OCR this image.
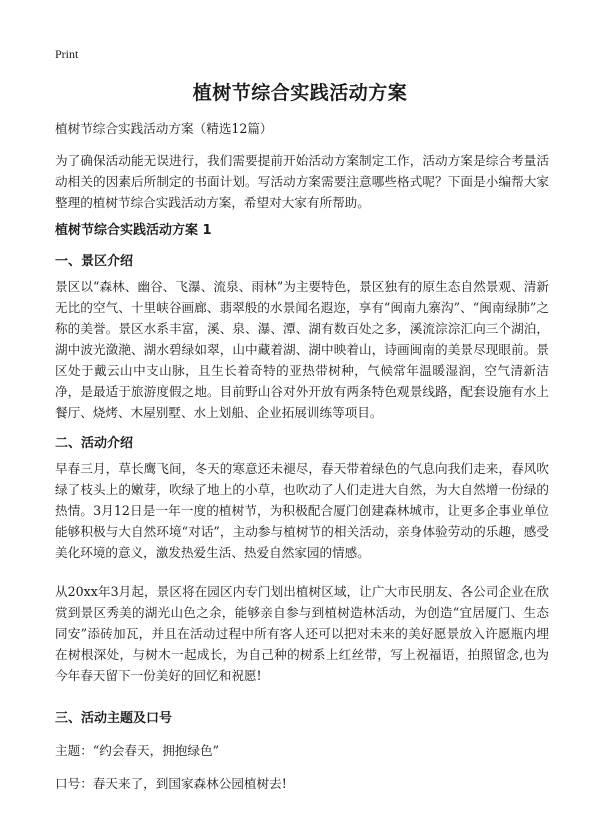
Print
植树节综合实践活动方案

植树节综合实践活动方案（精选12篇）

为了确保活动能无误进行，我们需要提前开始活动方案制定工作，活动方案是综合考量活动相关的因素后所制定的书面计划。写活动方案需要注意哪些格式呢？下面是小编帮大家整理的植树节综合实践活动方案，希望对大家有所帮助。

植树节综合实践活动方案 1

一、景区介绍

景区以“森林、幽谷、飞瀑、流泉、雨林”为主要特色，景区独有的原生态自然景观、清新无比的空气、十里峡谷画廊、翡翠般的水景闻名遐迩，享有“闽南九寨沟”、“闽南绿肺”之称的美誉。景区水系丰富，溪、泉、瀑、潭、湖有数百处之多，溪流淙淙汇向三个湖泊，湖中波光潋滟、湖水碧绿如翠，山中藏着湖、湖中映着山，诗画闽南的美景尽现眼前。景区处于戴云山中支山脉，且生长着奇特的亚热带树种，气候常年温暖湿润，空气清新洁净，是最适于旅游度假之地。目前野山谷对外开放有两条特色观景线路，配套设施有水上餐厅、烧烤、木屋别墅、水上划船、企业拓展训练等项目。

二、活动介绍

早春三月，草长鹰飞间，冬天的寒意还未褪尽，春天带着绿色的气息向我们走来，春风吹绿了枝头上的嫩芽，吹绿了地上的小草，也吹动了人们走进大自然，为大自然增一份绿的 热情。3月12日是一年一度的植树节，为积极配合厦门创建森林城市，让更多企事业单位能够积极与大自然环境“对话”，主动参与植树节的相关活动，亲身体验劳动的乐趣，感受美化环境的意义，激发热爱生活、热爱自然家园的情感。

从20xx年3月起，景区将在园区内专门划出植树区域，让广大市民朋友、各公司企业在欣赏到景区秀美的湖光山色之余，能够亲自参与到植树造林活动，为创造“宜居厦门、生态同安”添砖加瓦，并且在活动过程中所有客人还可以把对未来的美好愿景放入许愿瓶内埋在树根深处，与树木一起成长，为自己种的树系上红丝带，写上祝福语，拍照留念,也为今年春天留下一份美好的回忆和祝愿!

三、活动主题及口号

主题：“约会春天，拥抱绿色”

口号：春天来了，到国家森林公园植树去!
